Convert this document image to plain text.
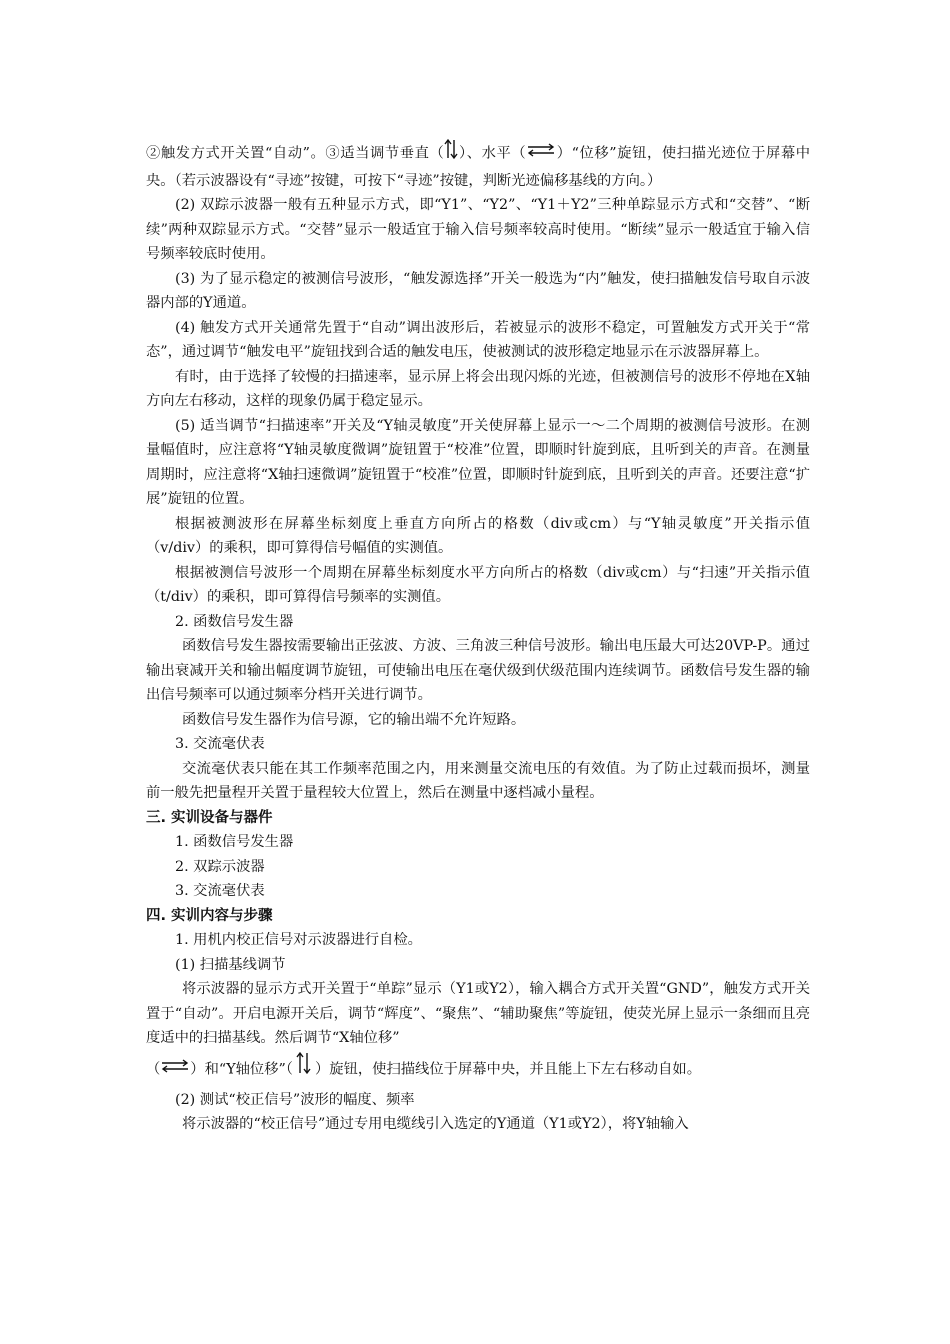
②触发方式开关置“自动”。③适当调节垂直（ ）、水平（ ）“位移”旋钮，使扫描光迹位于屏幕中央。（若示波器设有“寻迹”按键，可按下“寻迹”按键，判断光迹偏移基线的方向。）

(2) 双踪示波器一般有五种显示方式，即“Y1”、“Y2”、“Y1＋Y2”三种单踪显示方式和“交替”、“断续”两种双踪显示方式。“交替”显示一般适宜于输入信号频率较高时使用。“断续”显示一般适宜于输入信号频率较底时使用。

(3) 为了显示稳定的被测信号波形，“触发源选择”开关一般选为“内”触发，使扫描触发信号取自示波器内部的Y通道。

(4) 触发方式开关通常先置于“自动”调出波形后，若被显示的波形不稳定，可置触发方式开关于“常态”，通过调节“触发电平”旋钮找到合适的触发电压，使被测试的波形稳定地显示在示波器屏幕上。

有时，由于选择了较慢的扫描速率，显示屏上将会出现闪烁的光迹，但被测信号的波形不停地在X轴方向左右移动，这样的现象仍属于稳定显示。

(5) 适当调节“扫描速率”开关及“Y轴灵敏度”开关使屏幕上显示一～二个周期的被测信号波形。在测量幅值时，应注意将“Y轴灵敏度微调”旋钮置于“校准”位置，即顺时针旋到底，且听到关的声音。在测量周期时，应注意将“X轴扫速微调”旋钮置于“校准”位置，即顺时针旋到底，且听到关的声音。还要注意“扩展”旋钮的位置。

根据被测波形在屏幕坐标刻度上垂直方向所占的格数（div或cm）与“Y轴灵敏度”开关指示值（v/div）的乘积，即可算得信号幅值的实测值。

根据被测信号波形一个周期在屏幕坐标刻度水平方向所占的格数（div或cm）与“扫速”开关指示值（t/div）的乘积，即可算得信号频率的实测值。

2. 函数信号发生器

函数信号发生器按需要输出正弦波、方波、三角波三种信号波形。输出电压最大可达20VP-P。通过输出衰减开关和输出幅度调节旋钮，可使输出电压在毫伏级到伏级范围内连续调节。函数信号发生器的输出信号频率可以通过频率分档开关进行调节。

函数信号发生器作为信号源，它的输出端不允许短路。

3. 交流毫伏表

交流毫伏表只能在其工作频率范围之内，用来测量交流电压的有效值。为了防止过载而损坏，测量前一般先把量程开关置于量程较大位置上，然后在测量中逐档减小量程。

三. 实训设备与器件

1. 函数信号发生器

2. 双踪示波器

3. 交流毫伏表

四. 实训内容与步骤

1. 用机内校正信号对示波器进行自检。

(1) 扫描基线调节

将示波器的显示方式开关置于“单踪”显示（Y1或Y2），输入耦合方式开关置“GND”，触发方式开关置于“自动”。开启电源开关后，调节“辉度”、“聚焦”、“辅助聚焦”等旋钮，使荧光屏上显示一条细而且亮度适中的扫描基线。然后调节“X轴位移”

（ ）和“Y轴位移”（ ）旋钮，使扫描线位于屏幕中央，并且能上下左右移动自如。

(2) 测试“校正信号”波形的幅度、频率

将示波器的“校正信号”通过专用电缆线引入选定的Y通道（Y1或Y2），将Y轴输入
